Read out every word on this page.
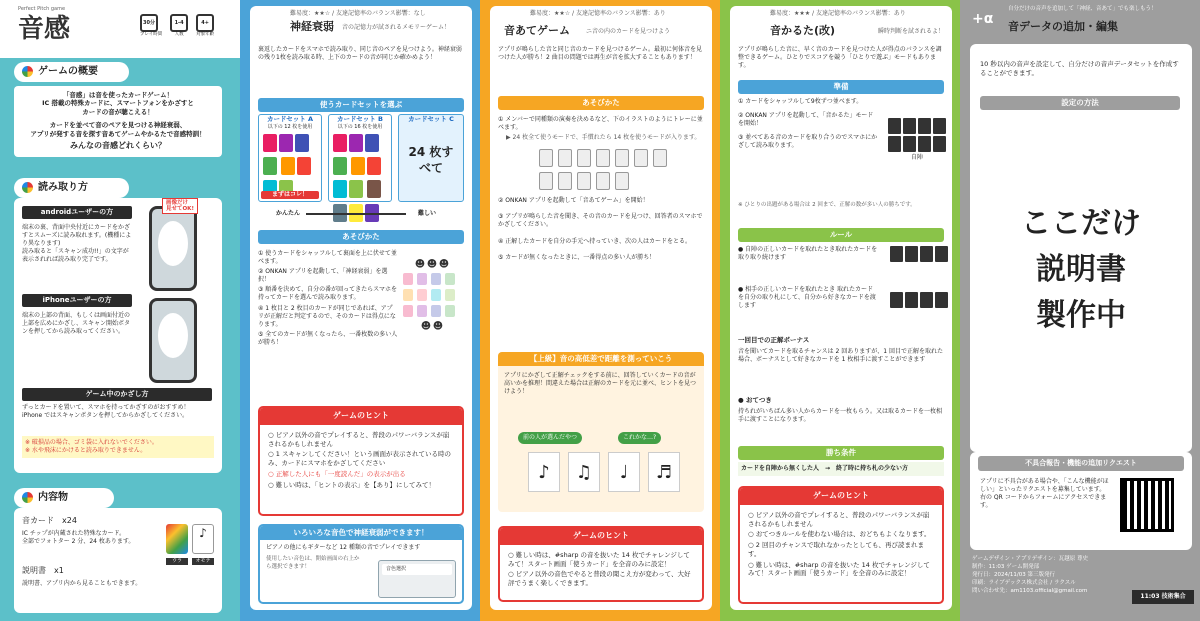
Perfect Pitch game
音感	30分
プレイ時間
1-4
人数
4+
対象年齢
ゲームの概要

「音感」は音を使ったカードゲーム！

IC 搭載の特殊カードに、スマートフォンをかざすと

カードの音が聴こえる！

カードを並べて音のペアを見つける神経衰弱、

アプリが発する音を探す音あてゲームやかるたで音感特訓！

みんなの音感どれくらい？

読み取り方
androidユーザーの方
端末の裏、背面中央付近にカードをかざすとスムーズに読み取れます。(機種により異なります)
読み取ると「スキャン成功!!」の文字が表示されれば読み取り完了です。
画像だけ
見せてOK!
iPhoneユーザーの方
端末の上部の背面、もしくは画面付近の上部を広めにかざし、スキャン開始ボタンを押してから読み取ってください。
ゲーム中のかざし方
ずっとカードを置いて、スマホを持ってかざすのがおすすめ！
iPhone ではスキャンボタンを押してからかざしてください。
※ 破損品の場合、ゴミ袋に入れないでください。
※ 水や飛沫にかけると読み取りできません。
内容物
音カード　 x24
IC チップが内蔵された特殊なカード。
全部でフォトター 2 分、24 枚あります。
♪
ウラ	オモテ
説明書　 x1
説明書、アプリ内から見ることもできます。
難易度：★★☆ / 友達記憶率のバランス影響：なし
神経衰弱 音の記憶力が試されるメモリーゲーム！
裏返したカードをスマホで読み取り、同じ音のペアを見つけよう。神経衰弱の残り1枚を読み取る時、上下のカードの音が同じか確かめよう！
使うカードセットを選ぶ
カードセット A
以下の 12 枚を使用

まずはコレ！
カードセット B
以下の 16 枚を使用

カードセット C
24 枚すべて
かんたん	難しい
あそびかた

① 使うカードをシャッフルして裏面を上に伏せて並べます。

② ONKAN アプリを起動して、「神経衰弱」を選択！

③ 順番を決めて、自分の番が回ってきたらスマホを持ってカードを選んで読み取ります。

④ 1 枚目と 2 枚目のカードが同じであれば、アプリが正解だと判定するので、そのカードは得点になります。

⑤ 全てのカードが無くなったら、一番枚数の多い人が勝ち！

☻ ☻ ☻
☻ ☻
ゲームのヒント

○ ピアノ以外の音でプレイすると、普段のパワーバランスが崩されるかもしれません

○ 1 スキャンしてください！という画面が表示されている時のみ、カードにスマホをかざしてください

○ 正解した人にも「一度読んだ」の表示が出る

○ 難しい時は、「ヒントの表示」を【あり】にしてみて！

いろいろな音色で神経衰弱ができます！
ピアノの他にもギターなど 12 種類の音でプレイできます
使用したい音色は、開始画面の右上から選択できます！	音色選択
難易度：★★☆ / 友達記憶率のバランス影響：あり
音あてゲーム	ニ音の内のカードを見つけよう
アプリが鳴らした音と同じ音のカードを見つけるゲーム。最初に何体音を見つけた人が勝ち！2 曲目の問題では再生が音を拡大することもあります！
あそびかた

① メンバーで同種類の演奏を決めるなど、下のイラストのようにトレーに並べます。

▶ 24 枚全て使うモードで、手慣れたら 14 枚を使うモードが入ります。

② ONKAN アプリを起動して「音あてゲーム」を開始！

③ アプリが鳴らした音を聞き、その音のカードを見つけ、回答者のスマホでかざしてください。

④ 正解したカードを自分の手元へ持っていき、次の人はカードをとる。

⑤ カードが無くなったときに、一番得点の多い人が勝ち！

【上級】音の高低差で距離を測っていこう
アプリにかざして正解チェックをする前に、回答していくカードの音が高いかを推理！間違えた場合は正解のカードを元に並べ、ヒントを見つけよう！
前の人が選んだやつ	これかな…?
♪	♫	♩	♬
ゲームのヒント

○ 難しい時は、#sharp の音を抜いた 14 枚でチャレンジしてみて！スタート画面「使うカード」を全音のみに設定！

○ ピアノ以外の音色でやると普段の聞こえ方が変わって、大好評でうまく楽しくできます。

難易度：★★★ / 友達記憶率のバランス影響：あり
音かるた(改)	瞬時判断を試されるよ！
アプリが鳴らした音に、早く音のカードを見つけた人が得点のバランスを調整できるゲーム。ひとりでスコアを競う「ひとりで遊ぶ」モードもあります。
準備

① カードをシャッフルして9枚ずつ並べます。

② ONKAN アプリを起動して、「音かるた」モードを開始！

③ 並べてある音のカードを取り合うのでスマホにかざして読み取ります。

自陣
※ ひとりの出題がある場合は 2 回まで、正解の数が多い人の勝ちです。
ルール
● 自陣の正しいカードを取れたとき取れたカードを取り取り続けます
● 相手の正しいカードを取れたとき 取れたカードを自分の取り札にして、自分から好きなカードを渡します
一回目での正解ボーナス
音を聞いてカードを取るチャンスは 2 回ありますが、1 回目で正解を取れた場合、ボーナスとして好きなカードを 1 枚相手に渡すことができます
● おてつき
持ちれがいちばん多い人からカードを一枚もらう。又は取るカードを一枚相手に渡すことになります。
勝ち条件
カードを自陣から無くした人　→　終了時に持ち札の少ない方
ゲームのヒント

○ ピアノ以外の音でプレイすると、普段のパワーバランスが崩されるかもしれません

○ おてつきルールを使わない場合は、おどちもよくなります。

○ 2 回目のチャンスで取れなかったとしても、再び読まれます。

○ 難しい時は、#sharp の音を抜いた 14 枚でチャレンジしてみて！スタート画面「使うカード」を全音のみに設定！

+α
自分だけの音声を追加して「神経、音あて」でも楽しもう！
音データの追加・編集
10 秒以内の音声を設定して、自分だけの音声データセットを作成することができます。
設定の方法
ここだけ
説明書
製作中
不具合報告・機能の追加リクエスト
アプリに不具合がある場合や、「こんな機能がほしい」といったリクエストを募集しています。右の QR コードからフォームにアクセスできます。

ゲームデザイン・アプリデザイン：瓦越原 尊史

制作：11:03 ゲーム開発部

発行日：2024/11/03 第三版発行

印刷：ライブデックス株式会社 / ラクスル

問い合わせ先：am1103.official@gmail.com

11:03 技術集合
